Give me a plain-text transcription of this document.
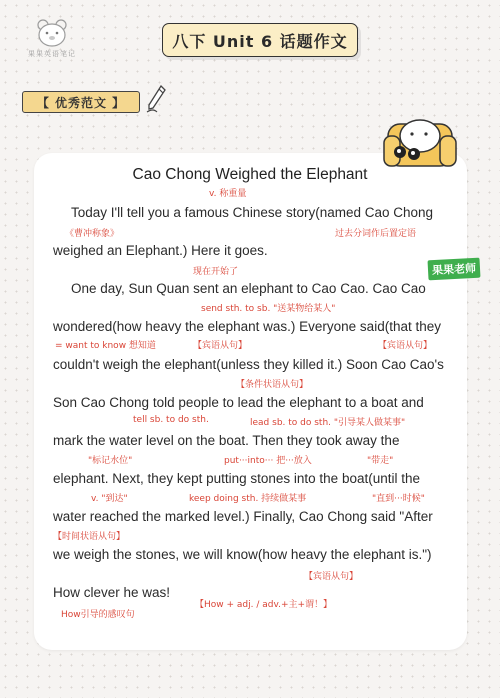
果果英语笔记
八下 Unit 6 话题作文
【 优秀范文 】
果果老师
Cao Chong Weighed the Elephant
v. 称重量
Today I'll tell you a famous Chinese story(named Cao Chong
《曹冲称象》	过去分词作后置定语
weighed an Elephant.) Here it goes.
现在开始了
One day, Sun Quan sent an elephant to Cao Cao. Cao Cao
send sth. to sb. "送某物给某人"
wondered(how heavy the elephant was.) Everyone said(that they
= want to know 想知道	【宾语从句】	【宾语从句】
couldn't weigh the elephant(unless they killed it.) Soon Cao Cao's
【条件状语从句】
Son Cao Chong told people to lead the elephant to a boat and
tell sb. to do sth.	lead sb. to do sth. "引导某人做某事"
mark the water level on the boat. Then they took away the
"标记水位"	put···into··· 把···放入	"带走"
elephant. Next, they kept putting stones into the boat(until the
v. "到达"	keep doing sth. 持续做某事	"直到···时候"
water reached the marked level.) Finally, Cao Chong said "After
【时间状语从句】
we weigh the stones, we will know(how heavy the elephant is.")
【宾语从句】
How clever he was!
【How + adj. / adv.+主+谓！】
How引导的感叹句
